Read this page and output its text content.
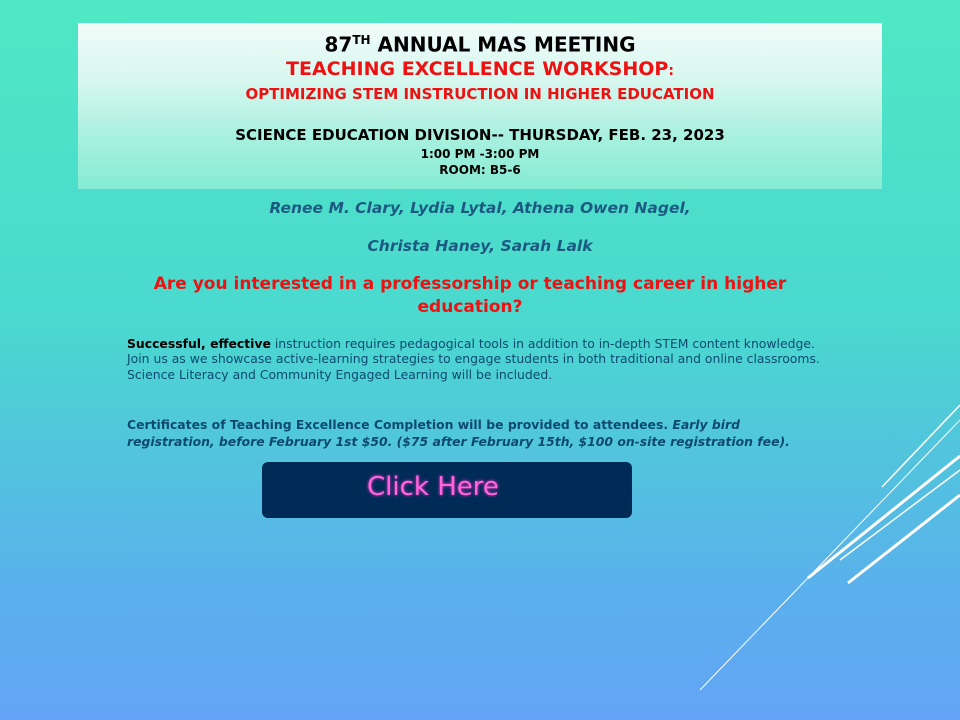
87TH ANNUAL MAS MEETING
TEACHING EXCELLENCE WORKSHOP:
OPTIMIZING STEM INSTRUCTION IN HIGHER EDUCATION
SCIENCE EDUCATION DIVISION-- THURSDAY, FEB. 23, 2023
1:00 PM -3:00 PM
ROOM: B5-6
Renee M. Clary, Lydia Lytal, Athena Owen Nagel,
Christa Haney, Sarah Lalk
Are you interested in a professorship or teaching career in higher education?
Successful, effective instruction requires pedagogical tools in addition to in-depth STEM content knowledge. Join us as we showcase active-learning strategies to engage students in both traditional and online classrooms. Science Literacy and Community Engaged Learning will be included.
Certificates of Teaching Excellence Completion will be provided to attendees. Early bird registration, before February 1st $50. ($75 after February 15th, $100 on-site registration fee).
Click Here
